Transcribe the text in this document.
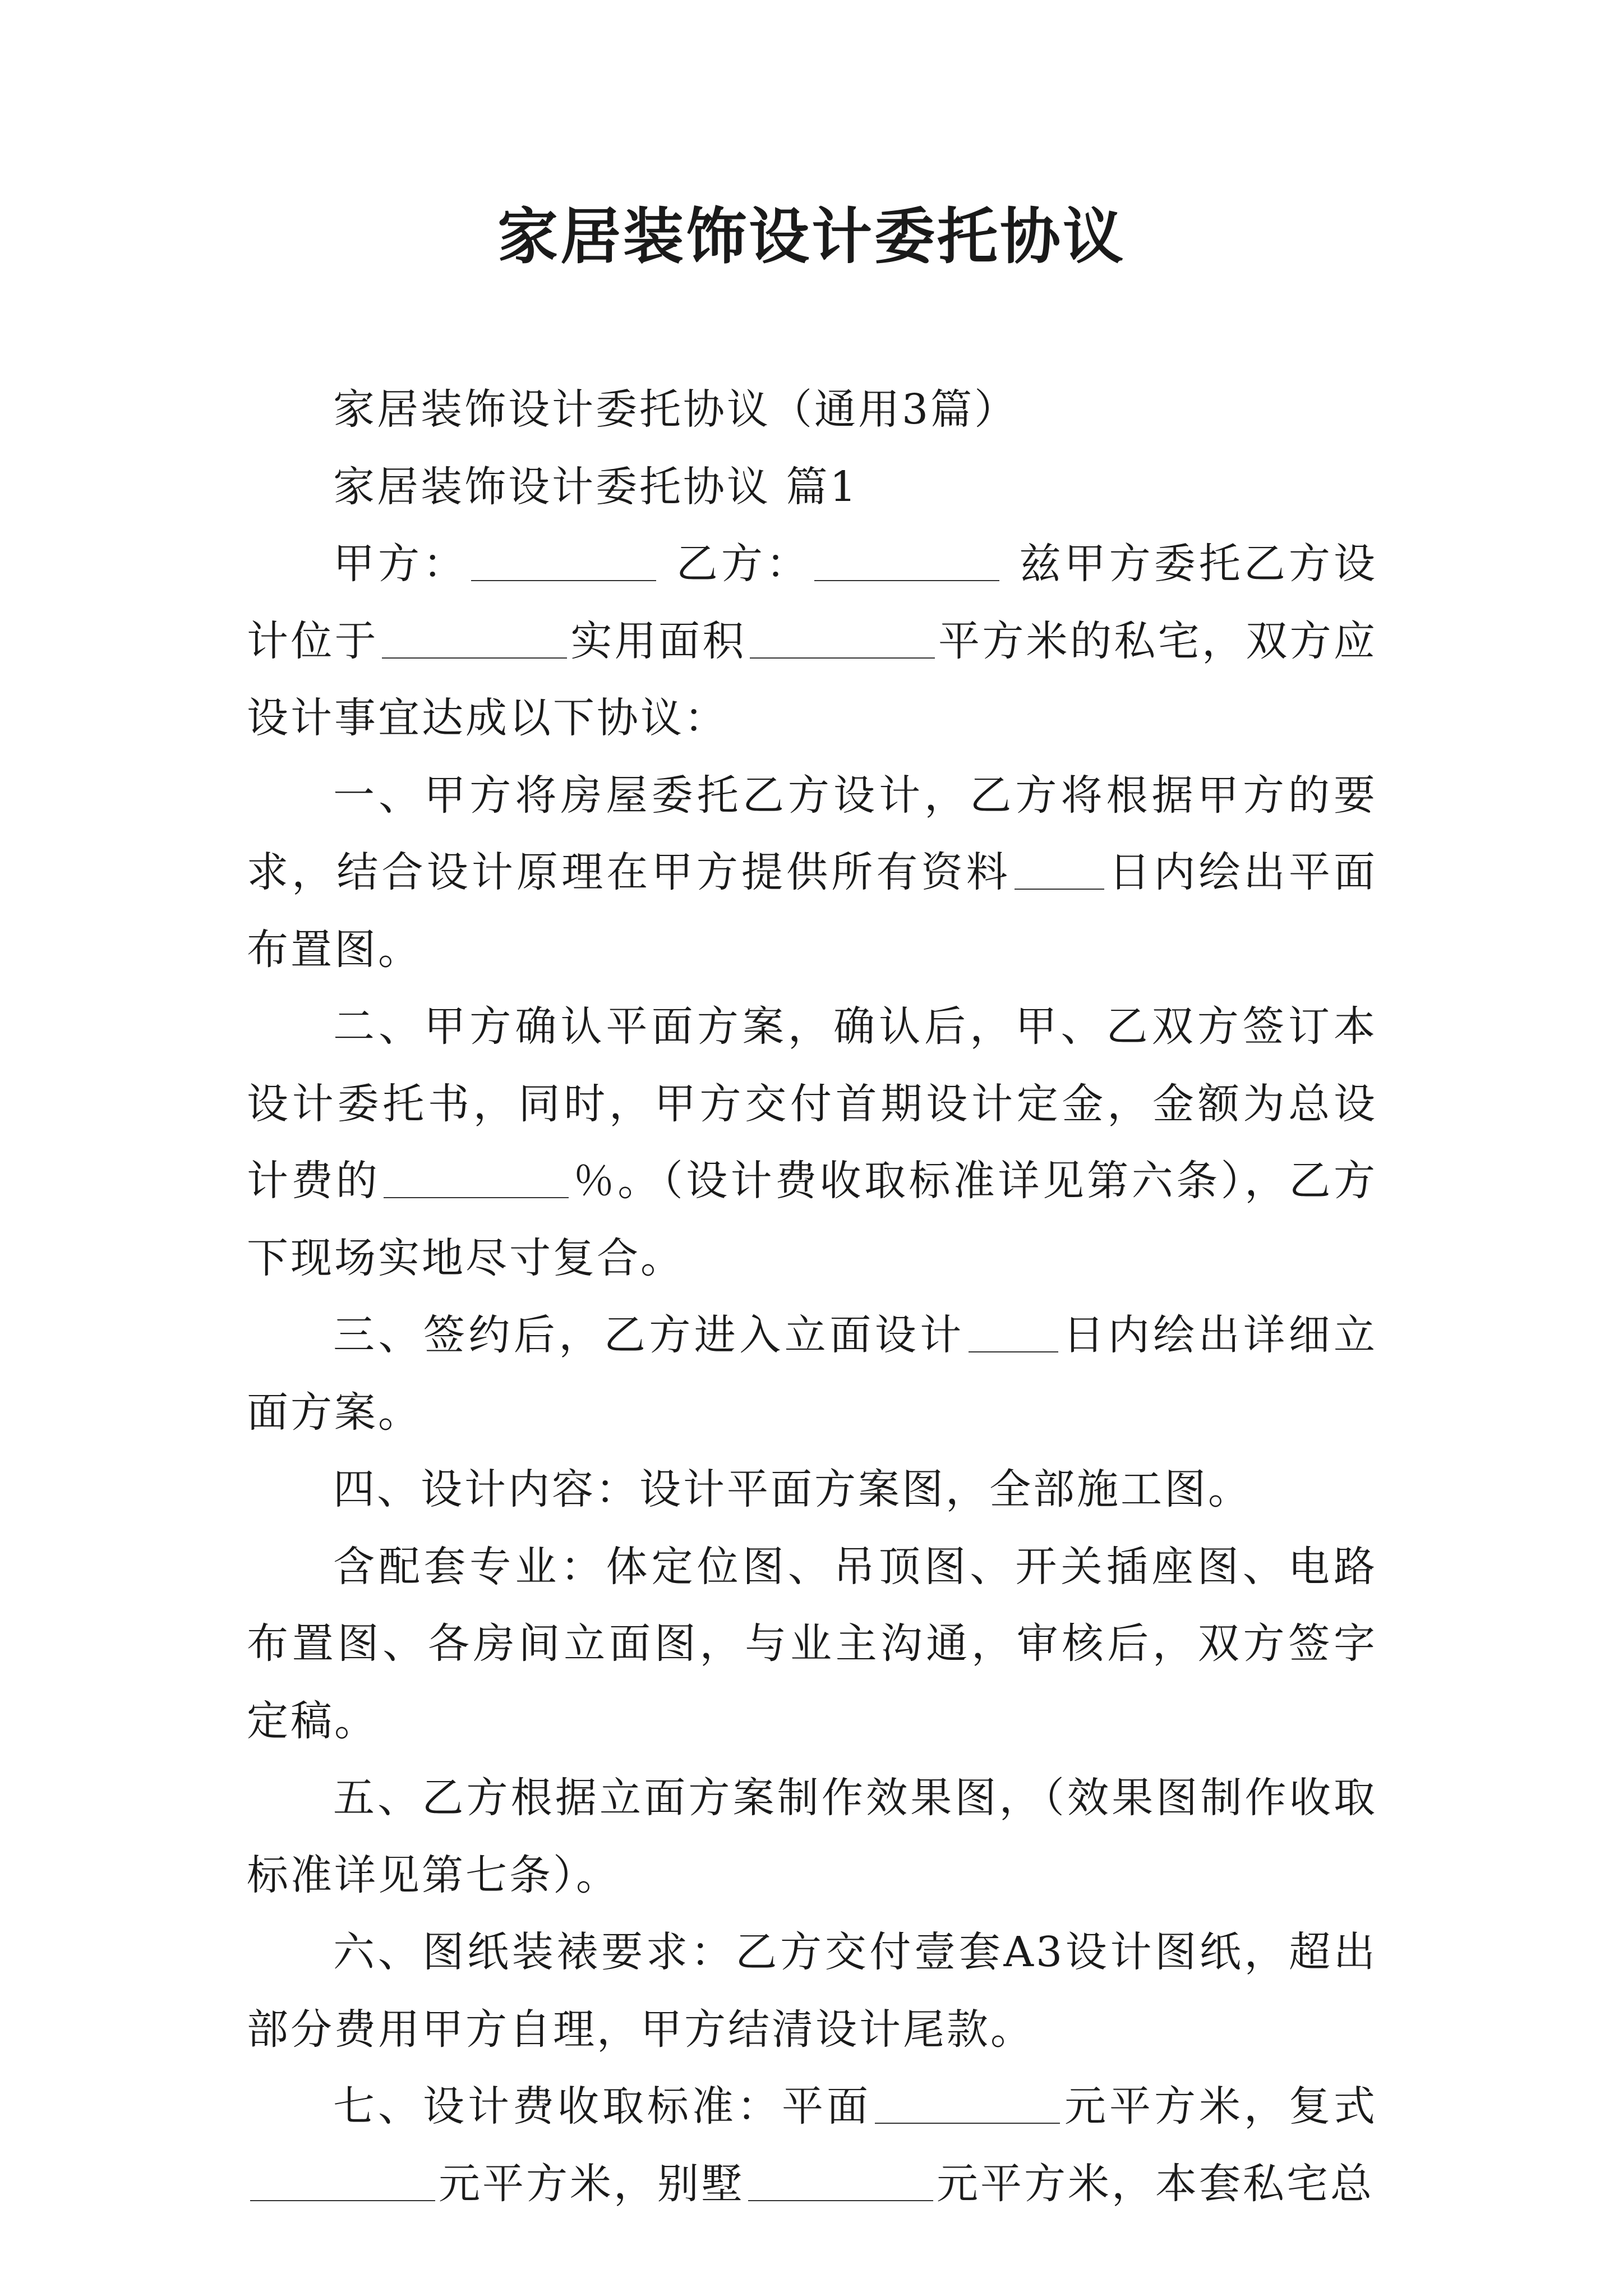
家居装饰设计委托协议

家居装饰设计委托协议（通用3篇）

家居装饰设计委托协议 篇1

甲方：	乙方：	兹甲方委托乙方设计位于	实用面积	平方米的私宅，双方应设计事宜达成以下协议：

一、甲方将房屋委托乙方设计，乙方将根据甲方的要求，结合设计原理在甲方提供所有资料 日内绘出平面布置图。

二、甲方确认平面方案，确认后，甲、乙双方签订本设计委托书，同时，甲方交付首期设计定金，金额为总设计费的	％。（设计费收取标准详见第六条），乙方下现场实地尽寸复合。

三、签约后，乙方进入立面设计 日内绘出详细立面方案。

四、设计内容：设计平面方案图，全部施工图。

含配套专业：体定位图、吊顶图、开关插座图、电路布置图、各房间立面图，与业主沟通，审核后，双方签字定稿。

五、乙方根据立面方案制作效果图，（效果图制作收取标准详见第七条）。

六、图纸装裱要求：乙方交付壹套A3设计图纸，超出部分费用甲方自理，甲方结清设计尾款。

七、设计费收取标准：平面	元平方米，复式元平方米，别墅	元平方米，本套私宅总
